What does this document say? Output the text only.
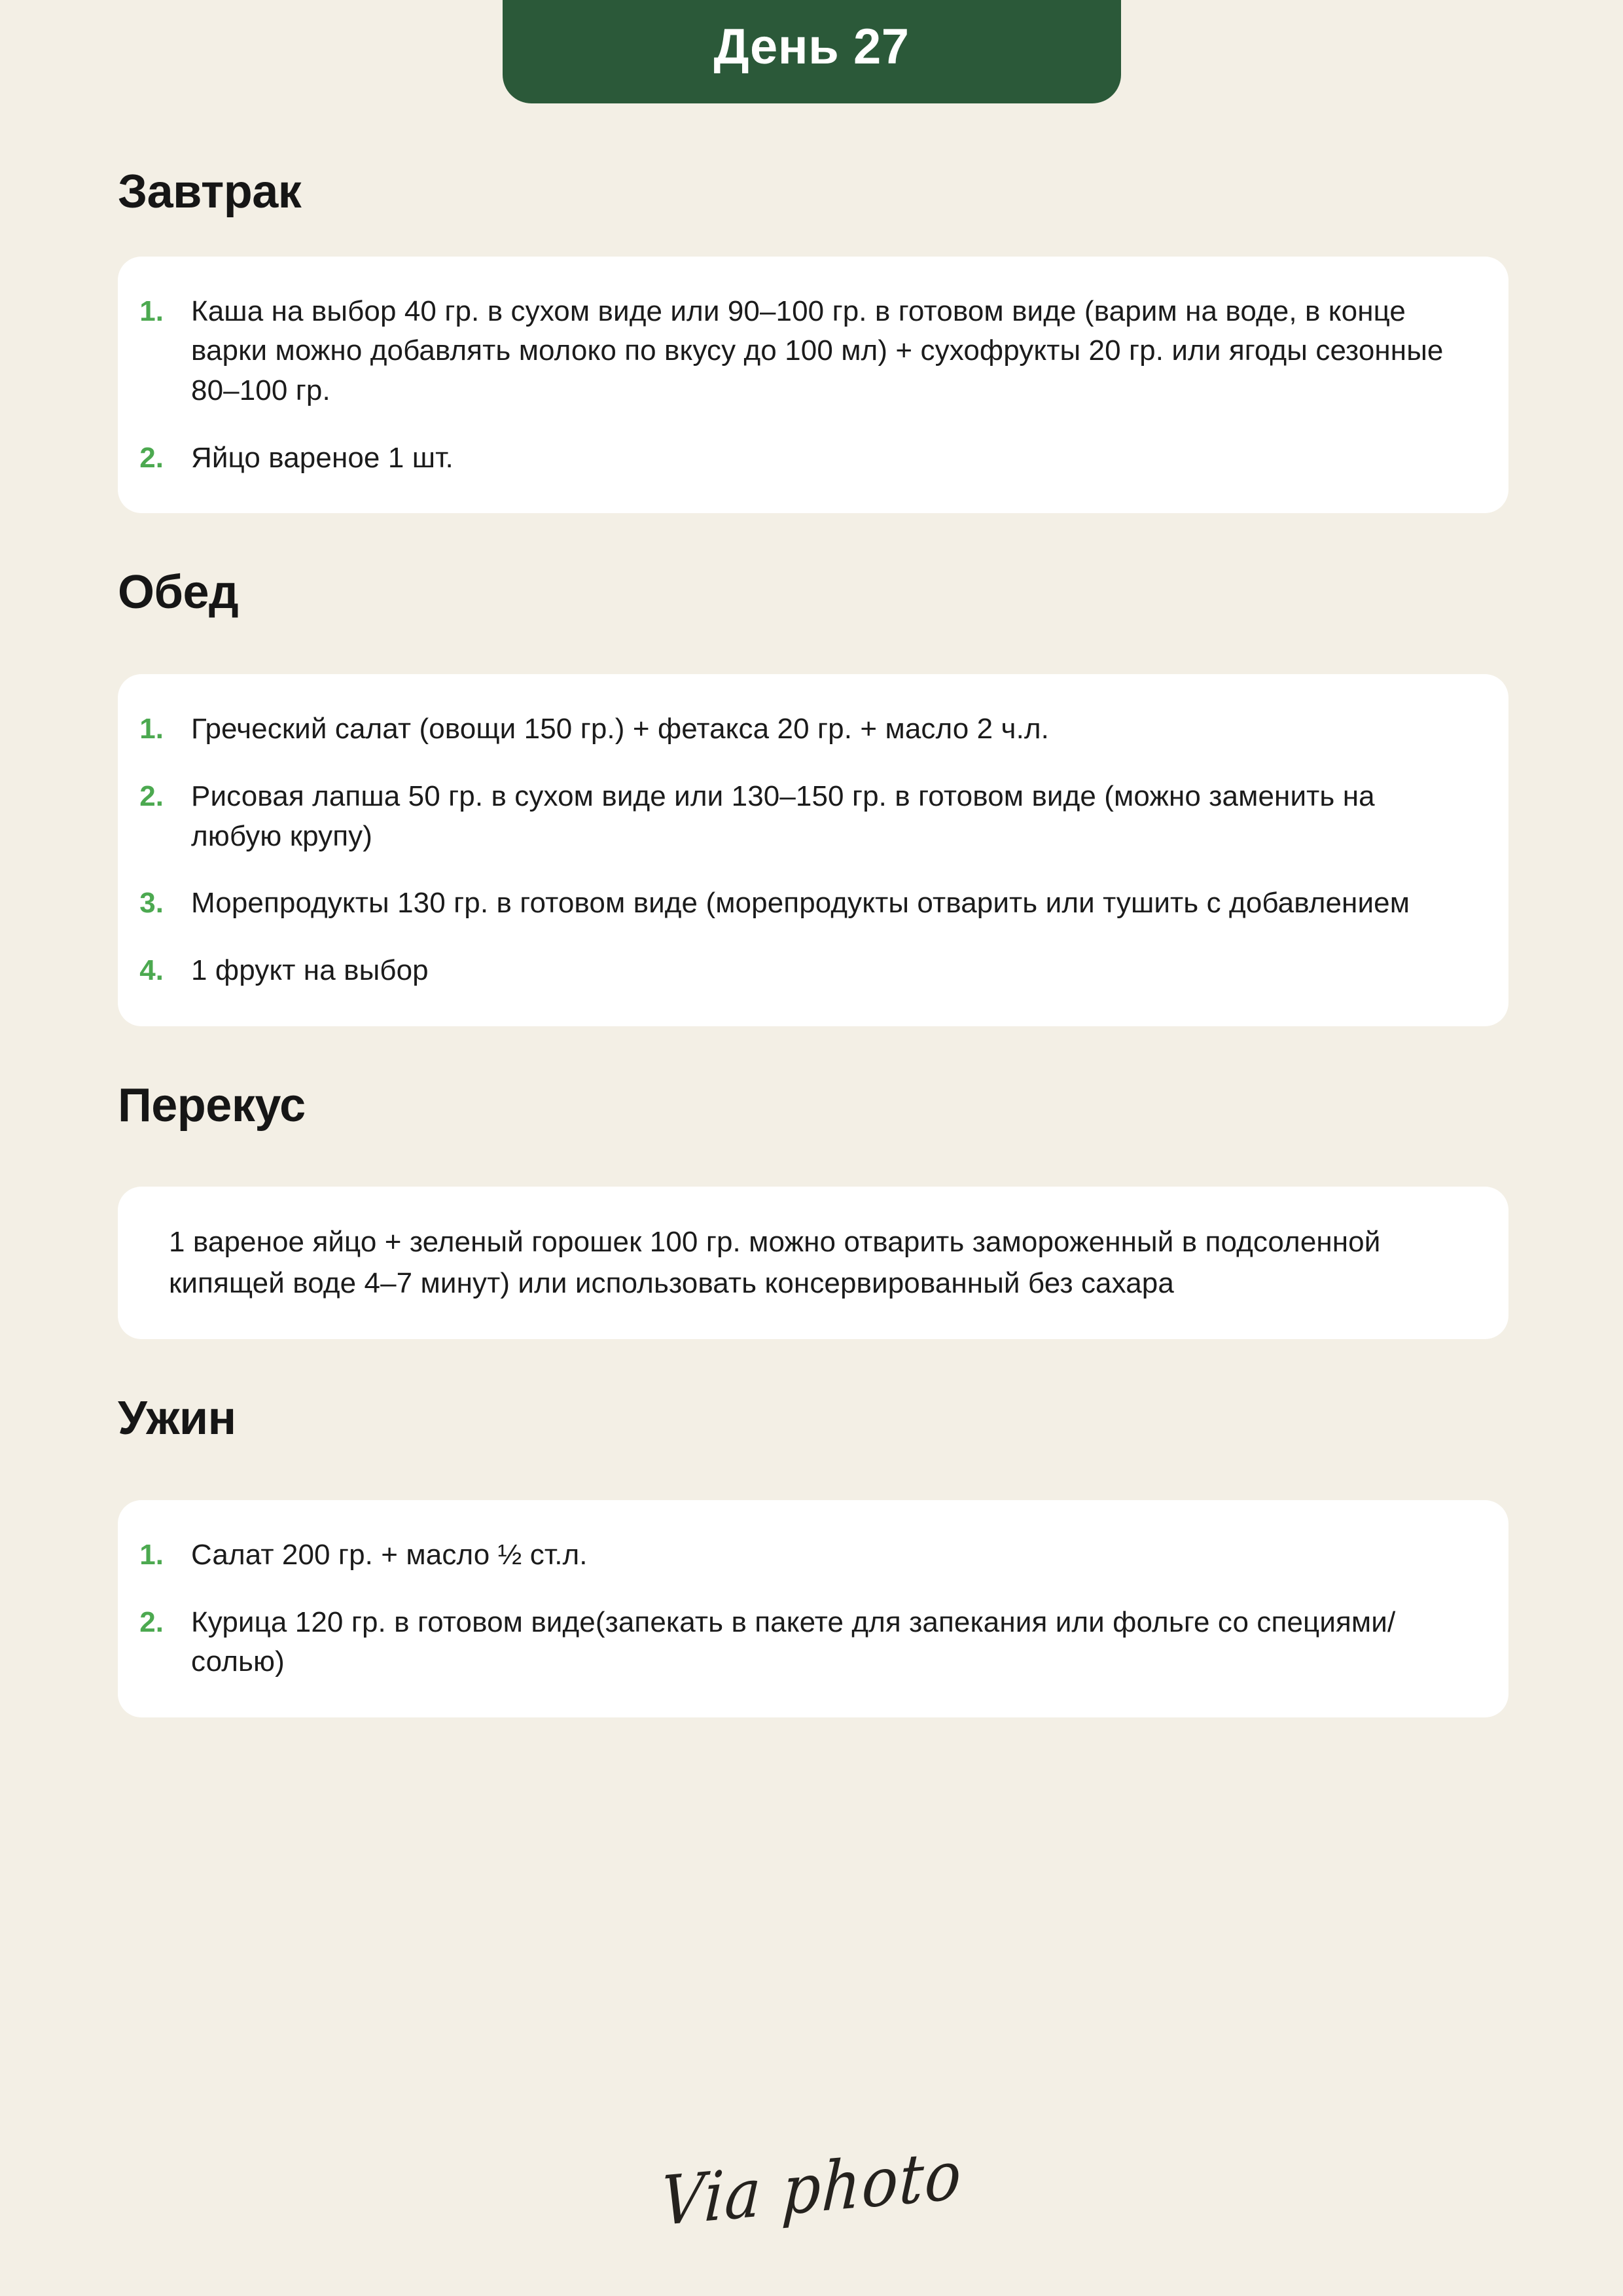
День 27
Завтрак
1. Каша на выбор 40 гр. в сухом виде или 90–100 гр. в готовом виде (варим на воде, в конце варки можно добавлять молоко по вкусу до 100 мл) + сухофрукты 20 гр. или ягоды сезонные 80–100 гр.
2. Яйцо вареное 1 шт.
Обед
1. Греческий салат (овощи 150 гр.) + фетакса 20 гр. + масло 2 ч.л.
2. Рисовая лапша 50 гр. в сухом виде или 130–150 гр. в готовом виде (можно заменить на любую крупу)
3. Морепродукты 130 гр. в готовом виде (морепродукты отварить или тушить с добавлением
4. 1 фрукт на выбор
Перекус
1 вареное яйцо + зеленый горошек 100 гр. можно отварить замороженный в подсоленной кипящей воде 4–7 минут) или использовать консервированный без сахара
Ужин
1. Салат 200 гр. + масло ½ ст.л.
2. Курица 120 гр. в готовом виде(запекать в пакете для запекания или фольге со специями/солью)
Via photo
